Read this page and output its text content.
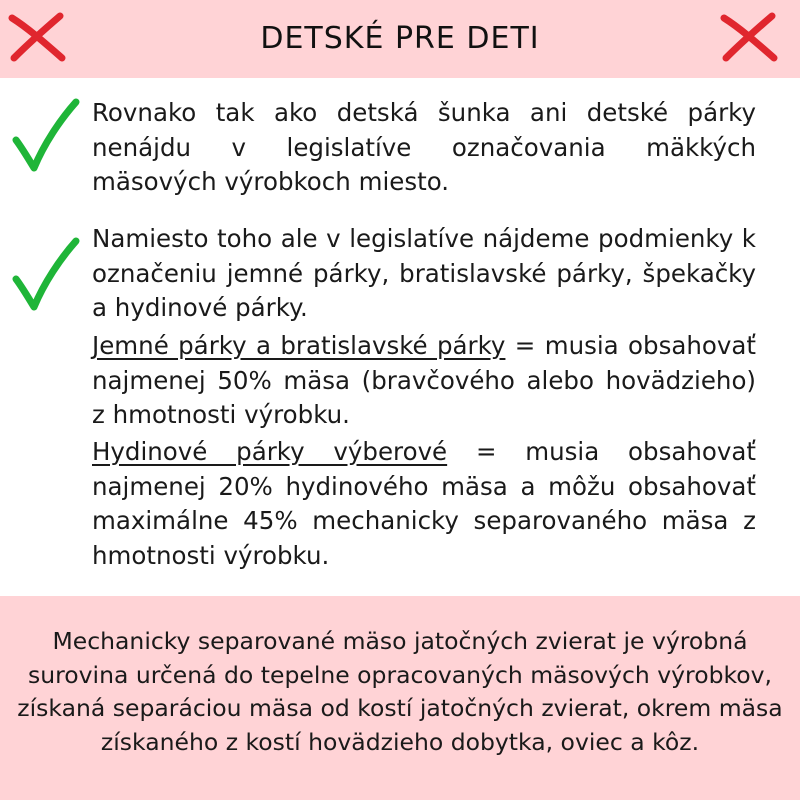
DETSKÉ PRE DETI

Rovnako tak ako detská šunka ani detské párky nenájdu v legislatíve označovania mäkkých mäsových výrobkoch miesto.

Namiesto toho ale v legislatíve nájdeme podmienky k označeniu jemné párky, bratislavské párky, špekačky a hydinové párky.

Jemné párky a bratislavské párky = musia obsahovať najmenej 50% mäsa (bravčového alebo hovädzieho) z hmotnosti výrobku.

Hydinové párky výberové = musia obsahovať najmenej 20% hydinového mäsa a môžu obsahovať maximálne 45% mechanicky separovaného mäsa z hmotnosti výrobku.

Mechanicky separované mäso jatočných zvierat je výrobná surovina určená do tepelne opracovaných mäsových výrobkov, získaná separáciou mäsa od kostí jatočných zvierat, okrem mäsa získaného z kostí hovädzieho dobytka, oviec a kôz.
